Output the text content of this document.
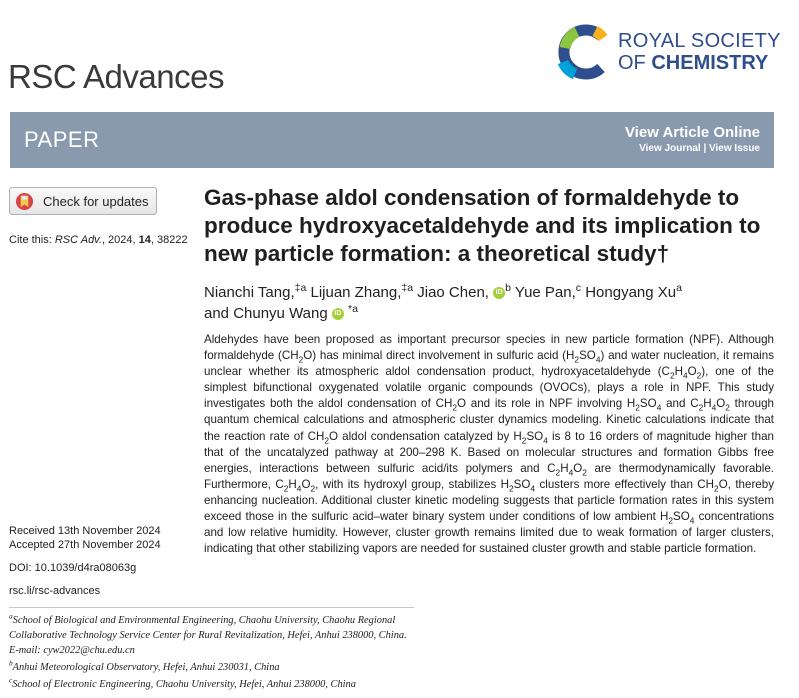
RSC Advances
ROYAL SOCIETY
OF CHEMISTRY
PAPER	View Article Online
View Journal | View Issue
Check for updates
Cite this: RSC Adv., 2024, 14, 38222
Gas-phase aldol condensation of formaldehyde to produce hydroxyacetaldehyde and its implication to new particle formation: a theoretical study†
Nianchi Tang,$^{\ddagger a}$ Lijuan Zhang,$^{\ddagger a}$ Jiao Chen, iD $^b$ Yue Pan,$^c$ Hongyang Xu$^a$
and Chunyu Wang iD $^{*a}$

Aldehydes have been proposed as important precursor species in new particle formation (NPF). Although formaldehyde $(CH_2O)$ has minimal direct involvement in sulfuric acid $(H_2SO_4)$ and water nucleation, it remains unclear whether its atmospheric aldol condensation product, hydroxyacetaldehyde $(C_2H_4O_2)$, one of the simplest bifunctional oxygenated volatile organic compounds (OVOCs), plays a role in NPF. This study investigates both the aldol condensation of $CH_2O$ and its role in NPF involving $H_2SO_4$ and $C_2H_4O_2$ through quantum chemical calculations and atmospheric cluster dynamics modeling. Kinetic calculations indicate that the reaction rate of $CH_2O$ aldol condensation catalyzed by $H_2SO_4$ is 8 to 16 orders of magnitude higher than that of the uncatalyzed pathway at 200–298 K. Based on molecular structures and formation Gibbs free energies, interactions between sulfuric acid/its polymers and $C_2H_4O_2$ are thermodynamically favorable. Furthermore, $C_2H_4O_2$, with its hydroxyl group, stabilizes $H_2SO_4$ clusters more effectively than $CH_2O$, thereby enhancing nucleation. Additional cluster kinetic modeling suggests that particle formation rates in this system exceed those in the sulfuric acid–water binary system under conditions of low ambient $H_2SO_4$ concentrations and low relative humidity. However, cluster growth remains limited due to weak formation of larger clusters, indicating that other stabilizing vapors are needed for sustained cluster growth and stable particle formation.

Received 13th November 2024
Accepted 27th November 2024
DOI: 10.1039/d4ra08063g
rsc.li/rsc-advances
$^a$School of Biological and Environmental Engineering, Chaohu University, Chaohu Regional Collaborative Technology Service Center for Rural Revitalization, Hefei, Anhui 238000, China. E-mail: cyw2022@chu.edu.cn
$^b$Anhui Meteorological Observatory, Hefei, Anhui 230031, China
$^c$School of Electronic Engineering, Chaohu University, Hefei, Anhui 238000, China
